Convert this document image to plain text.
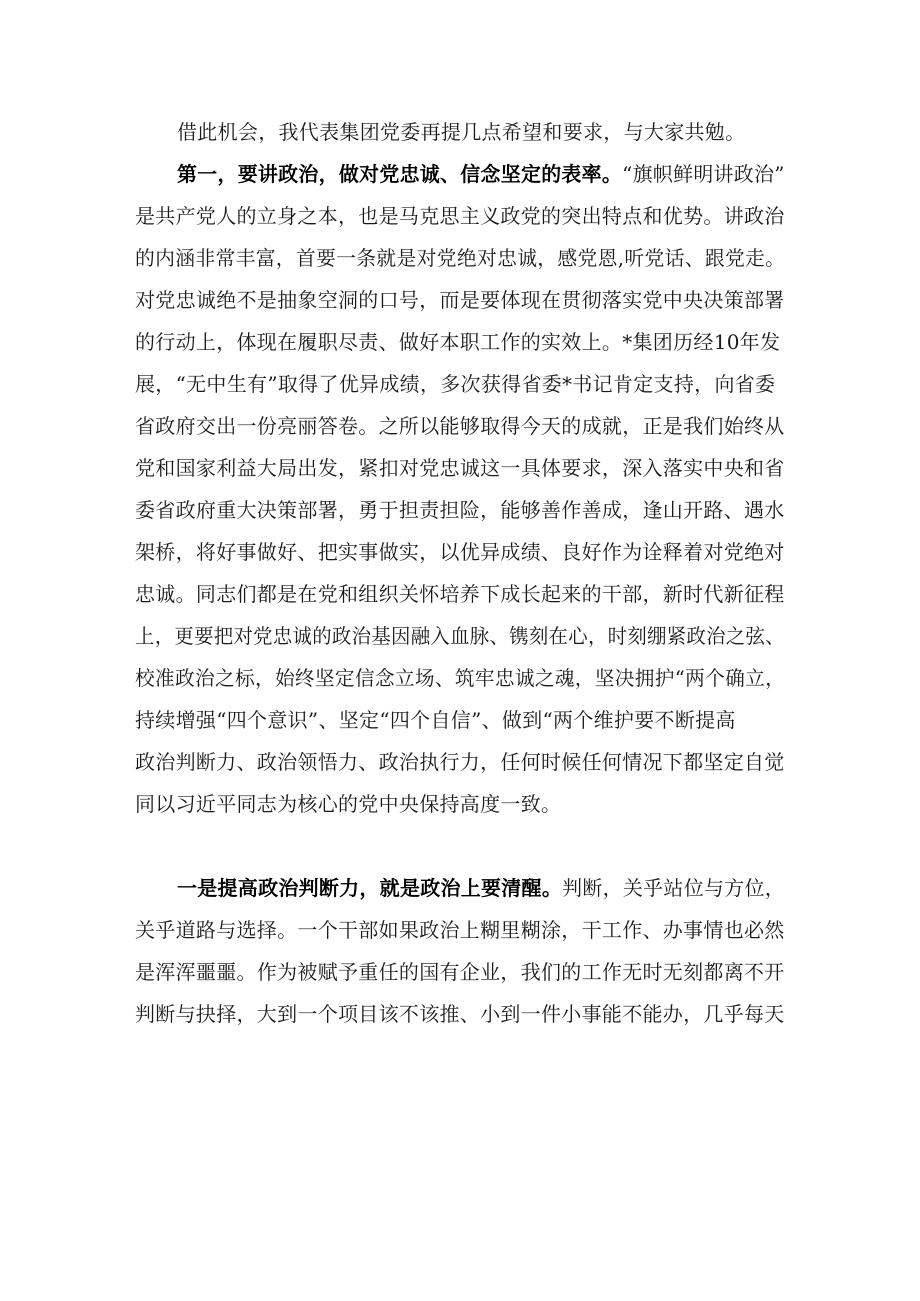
借此机会，我代表集团党委再提几点希望和要求，与大家共勉。
第一，要讲政治，做对党忠诚、信念坚定的表率。“旗帜鲜明讲政治”
是共产党人的立身之本，也是马克思主义政党的突出特点和优势。讲政治
的内涵非常丰富，首要一条就是对党绝对忠诚，感党恩,听党话、跟党走。
对党忠诚绝不是抽象空洞的口号，而是要体现在贯彻落实党中央决策部署
的行动上，体现在履职尽责、做好本职工作的实效上。*集团历经10年发
展，“无中生有”取得了优异成绩，多次获得省委*书记肯定支持，向省委
省政府交出一份亮丽答卷。之所以能够取得今天的成就，正是我们始终从
党和国家利益大局出发，紧扣对党忠诚这一具体要求，深入落实中央和省
委省政府重大决策部署，勇于担责担险，能够善作善成，逢山开路、遇水
架桥，将好事做好、把实事做实，以优异成绩、良好作为诠释着对党绝对
忠诚。同志们都是在党和组织关怀培养下成长起来的干部，新时代新征程
上，更要把对党忠诚的政治基因融入血脉、镌刻在心，时刻绷紧政治之弦、
校准政治之标，始终坚定信念立场、筑牢忠诚之魂，坚决拥护“两个确立，
持续增强“四个意识”、坚定“四个自信”、做到“两个维护要不断提高
政治判断力、政治领悟力、政治执行力，任何时候任何情况下都坚定自觉
同以习近平同志为核心的党中央保持高度一致。
一是提高政治判断力，就是政治上要清醒。判断，关乎站位与方位，
关乎道路与选择。一个干部如果政治上糊里糊涂，干工作、办事情也必然
是浑浑噩噩。作为被赋予重任的国有企业，我们的工作无时无刻都离不开
判断与抉择，大到一个项目该不该推、小到一件小事能不能办，几乎每天
